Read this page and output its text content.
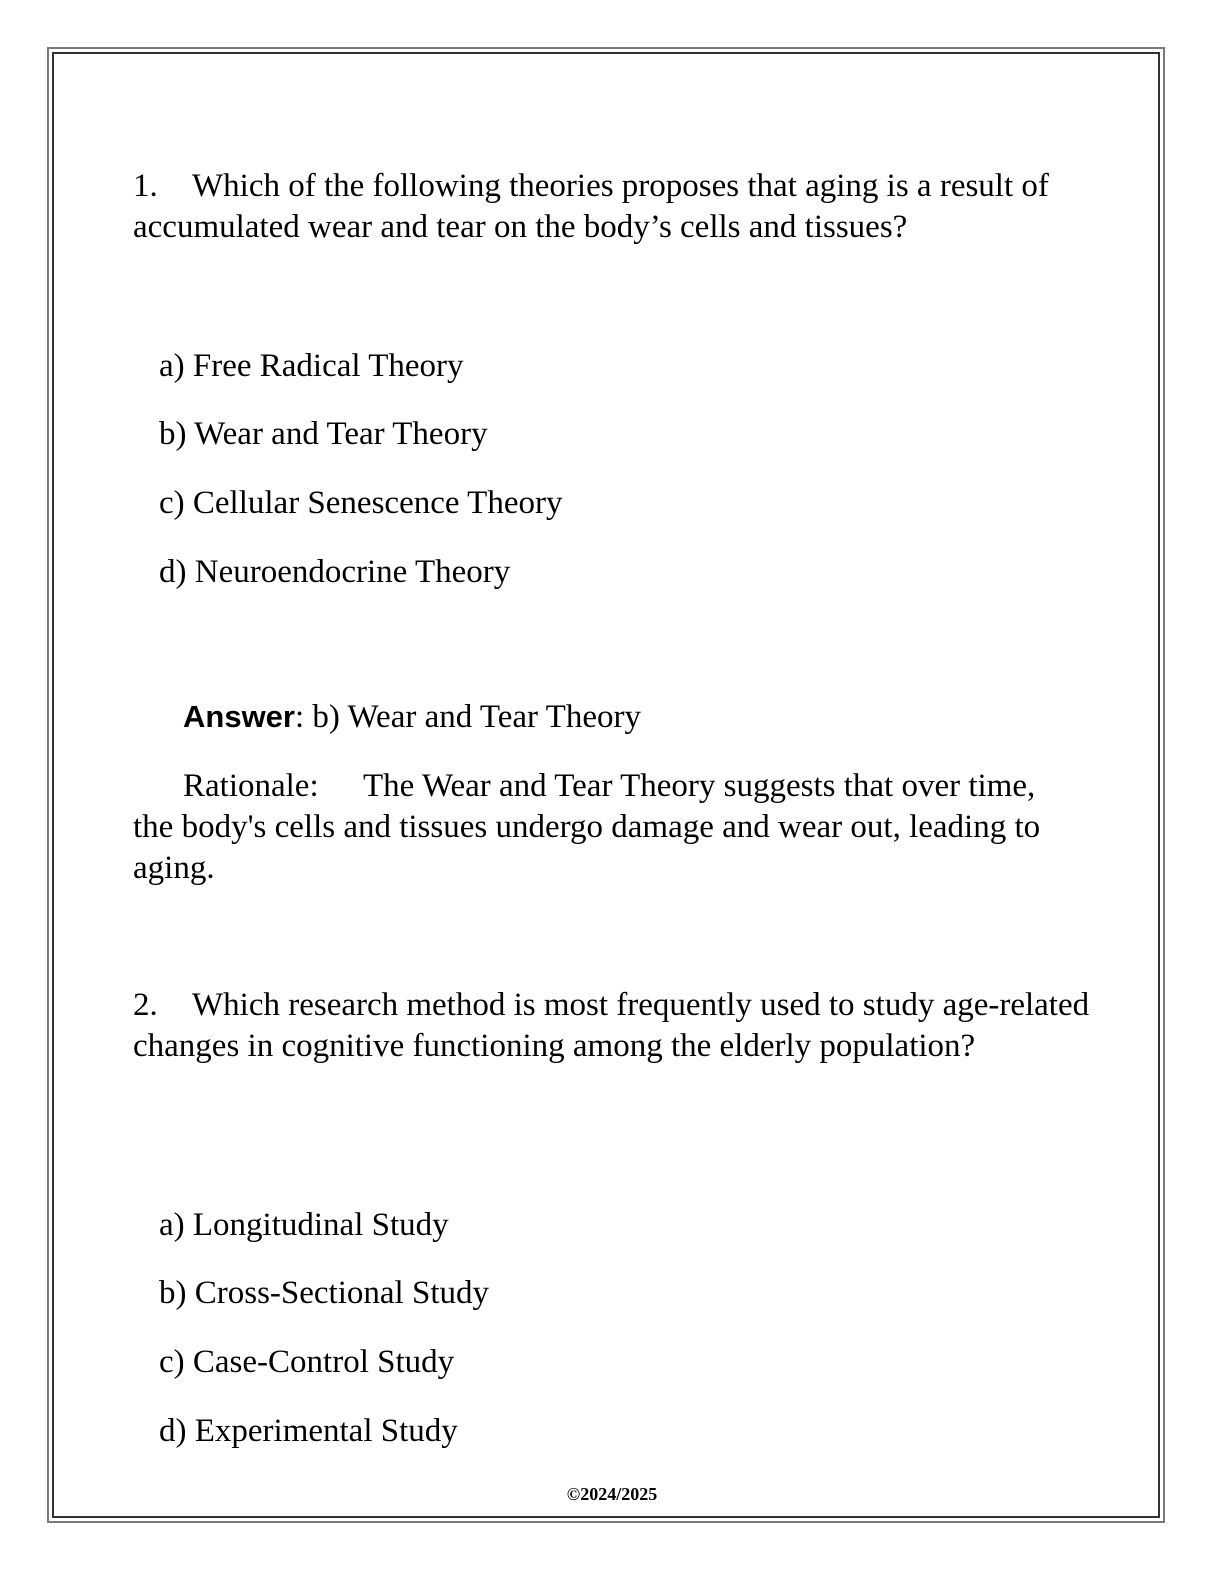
1. Which of the following theories proposes that aging is a result of accumulated wear and tear on the body’s cells and tissues?
a) Free Radical Theory
b) Wear and Tear Theory
c) Cellular Senescence Theory
d) Neuroendocrine Theory
Answer: b) Wear and Tear Theory
Rationale: The Wear and Tear Theory suggests that over time, the body's cells and tissues undergo damage and wear out, leading to aging.
2. Which research method is most frequently used to study age-related changes in cognitive functioning among the elderly population?
a) Longitudinal Study
b) Cross-Sectional Study
c) Case-Control Study
d) Experimental Study
©2024/2025
